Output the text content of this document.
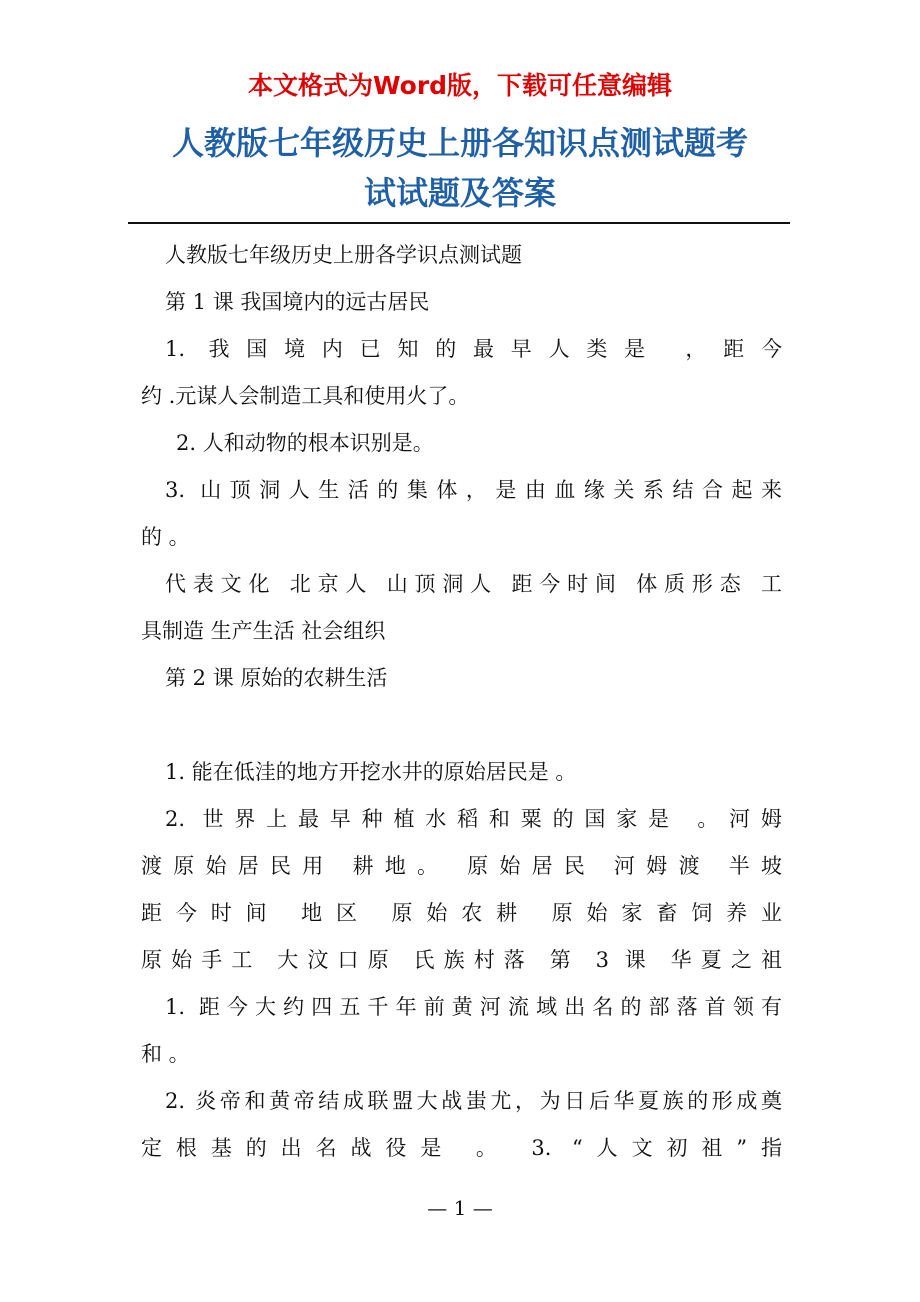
本文格式为Word版，下载可任意编辑
人教版七年级历史上册各知识点测试题考
试试题及答案

人教版七年级历史上册各学识点测试题

第 1 课 我国境内的远古居民

1. 我国境内已知的最早人类是 ，距今

约 .元谋人会制造工具和使用火了。

2. 人和动物的根本识别是。

3. 山顶洞人生活的集体，是由血缘关系结合起来

的 。

代表文化 北京人 山顶洞人 距今时间 体质形态 工

具制造 生产生活 社会组织

第 2 课 原始的农耕生活

1. 能在低洼的地方开挖水井的原始居民是 。

2. 世界上最早种植水稻和粟的国家是 。河姆

渡原始居民用 耕地。 原始居民 河姆渡 半坡

距今时间 地区 原始农耕 原始家畜饲养业

原始手工 大汶口原 氏族村落 第 3 课 华夏之祖

1. 距今大约四五千年前黄河流域出名的部落首领有

和 。

2. 炎帝和黄帝结成联盟大战蚩尤，为日后华夏族的形成奠

定根基的出名战役是 。 3. “人文初祖”指

— 1 —
